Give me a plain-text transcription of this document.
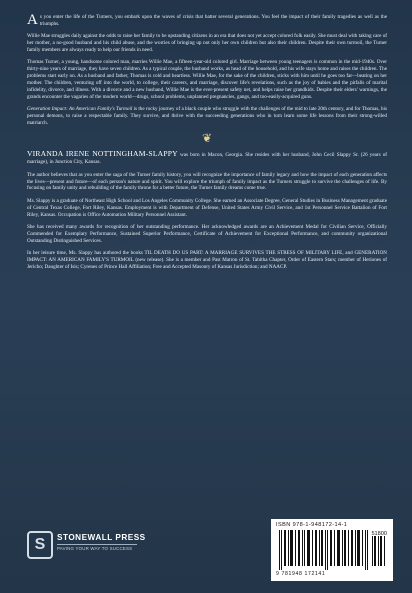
As you enter the life of the Turners, you embark upon the waves of crisis that batter several generations. You feel the impact of their family tragedies as well as the triumphs.

Willie Mae struggles daily against the odds to raise her family to be upstanding citizens in an era that does not yet accept colored folk easily. She must deal with taking care of her mother, a no-good husband and his child abuse, and the worries of bringing up not only her own children but also their children. Despite their own turmoil, the Turner family members are always ready to help our friends in need.

Thomas Turner, a young, handsome colored man, marries Willie Mae, a fifteen-year-old colored girl. Marriage between young teenagers is common in the mid-1940s. Over thirty-nine years of marriage, they have seven children. As a typical couple, the husband works, as head of the household, and his wife stays home and raises the children. The problems start early on. As a husband and father, Thomas is cold and heartless. Willie Mae, for the sake of the children, sticks with him until he goes too far—beating on her mother. The children, venturing off into the world, to college, their careers, and marriage, discover life's revelations, such as the joy of babies and the pitfalls of marital infidelity, divorce, and illness. With a divorce and a new husband, Willie Mae is the ever-present safety net, and helps raise her grandkids. Despite their elders' warnings, the grands encounter the vagaries of the modern world—drugs, school problems, unplanned pregnancies, gangs, and too-easily-acquired guns.

Generation Impact: An American Family's Turmoil is the rocky journey of a black couple who struggle with the challenges of the mid to late 20th century, and for Thomas, his personal demons, to raise a respectable family. They survive, and thrive with the succeeding generations who in turn learn some life lessons from their strong-willed matriarch.

❦

VIRANDA IRENE NOTTINGHAM-SLAPPY was born in Macon, Georgia. She resides with her husband, John Cecil Slappy Sr. (26 years of marriage), in Junction City, Kansas.

The author believes that as you enter the saga of the Turner family history, you will recognize the importance of family legacy and how the impact of each generation affects the lives—present and future—of each person's nature and spirit. You will explore the triumph of family impact as the Turners struggle to survive the challenges of life. By focusing on family unity and rebuilding of the family throne for a better future, the Turner family dreams come true.

Ms. Slappy is a graduate of Northeast High School and Los Angeles Community College. She earned an Associate Degree, General Studies in Business Management graduate of Central Texas College, Fort Riley, Kansas. Employment is with Department of Defense, United States Army Civil Service, and 1st Personnel Service Battalion of Fort Riley, Kansas. Occupation is Office Automation Military Personnel Assistant.

She has received many awards for recognition of her outstanding performance. Her acknowledged awards are an Achievement Medal for Civilian Service, Officially Commended for Exemplary Performance, Sustained Superior Performance, Certificate of Achievement for Exceptional Performance, and community organizational Outstanding Distinguished Services.

In her leisure time, Ms. Slappy has authored the books TIL DEATH DO US PART: A MARRIAGE SURVIVES THE STRESS OF MILITARY LIFE, and GENERATION IMPACT: AN AMERICAN FAMILY'S TURMOIL (new release). She is a member and Past Matron of St. Tabitha Chapter, Order of Eastern Stars; member of Heriones of Jericho; Daughter of Isis; Cyrenes of Prince Hall Affiliation; Free and Accepted Masonry of Kansas Jurisdiction; and NAACP.

S	STONEWALL PRESS
PAVING YOUR WAY TO SUCCESS
ISBN 978-1-948172-14-1
51800
9 781948 172141
